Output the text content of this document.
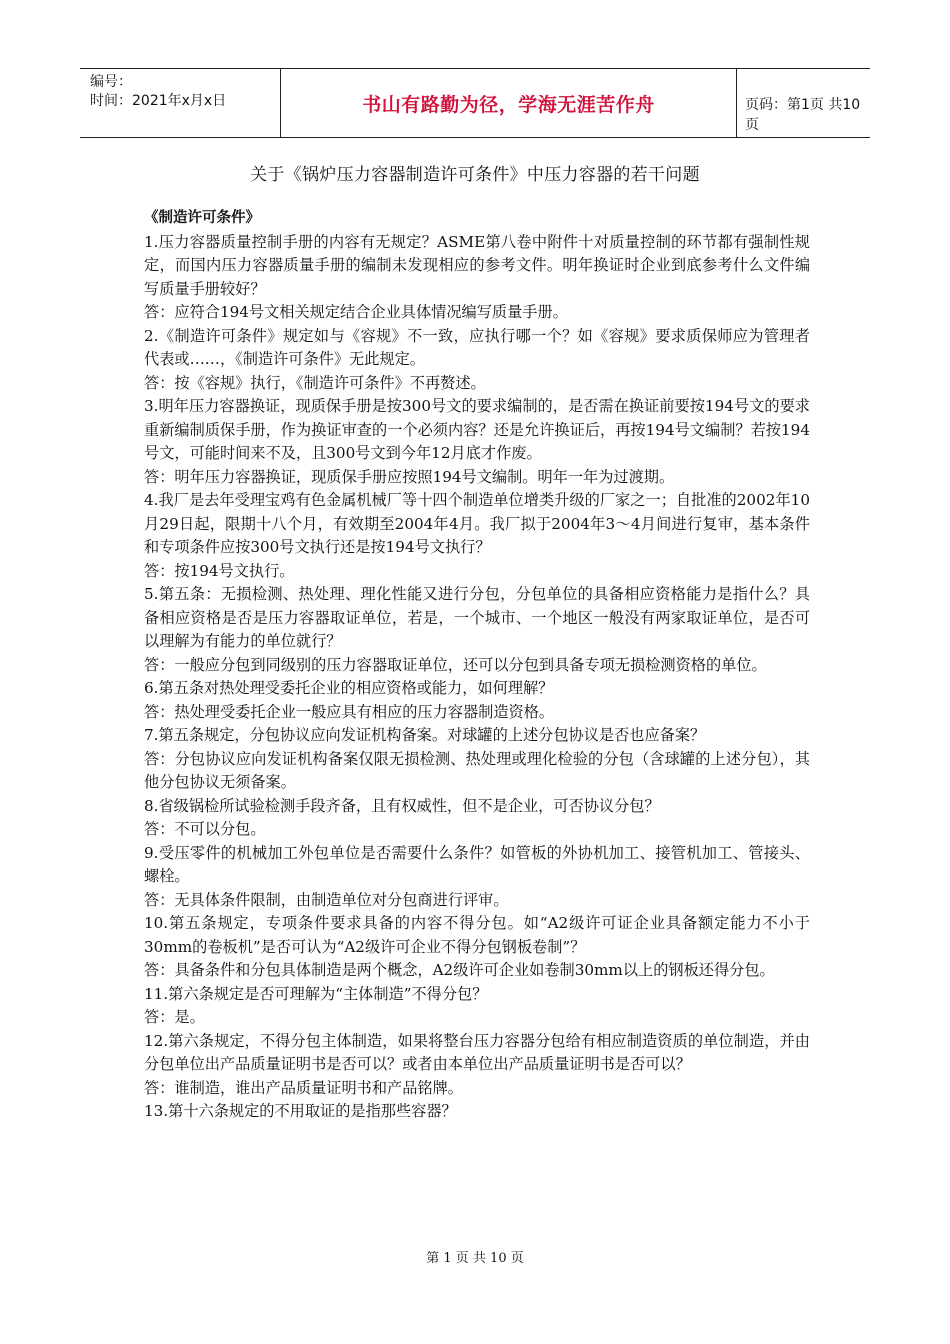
编号：
时间：2021年x月x日	书山有路勤为径，学海无涯苦作舟	页码：第1页 共10页
关于《锅炉压力容器制造许可条件》中压力容器的若干问题
《制造许可条件》

1.压力容器质量控制手册的内容有无规定？ASME第八卷中附件十对质量控制的环节都有强制性规定，而国内压力容器质量手册的编制未发现相应的参考文件。明年换证时企业到底参考什么文件编写质量手册较好？

答：应符合194号文相关规定结合企业具体情况编写质量手册。

2.《制造许可条件》规定如与《容规》不一致，应执行哪一个？如《容规》要求质保师应为管理者代表或……，《制造许可条件》无此规定。

答：按《容规》执行，《制造许可条件》不再赘述。

3.明年压力容器换证，现质保手册是按300号文的要求编制的，是否需在换证前要按194号文的要求重新编制质保手册，作为换证审查的一个必须内容？还是允许换证后，再按194号文编制？若按194号文，可能时间来不及，且300号文到今年12月底才作废。

答：明年压力容器换证，现质保手册应按照194号文编制。明年一年为过渡期。

4.我厂是去年受理宝鸡有色金属机械厂等十四个制造单位增类升级的厂家之一；自批准的2002年10月29日起，限期十八个月，有效期至2004年4月。我厂拟于2004年3～4月间进行复审，基本条件和专项条件应按300号文执行还是按194号文执行？

答：按194号文执行。

5.第五条：无损检测、热处理、理化性能又进行分包，分包单位的具备相应资格能力是指什么？具备相应资格是否是压力容器取证单位，若是，一个城市、一个地区一般没有两家取证单位，是否可以理解为有能力的单位就行？

答：一般应分包到同级别的压力容器取证单位，还可以分包到具备专项无损检测资格的单位。

6.第五条对热处理受委托企业的相应资格或能力，如何理解？

答：热处理受委托企业一般应具有相应的压力容器制造资格。

7.第五条规定，分包协议应向发证机构备案。对球罐的上述分包协议是否也应备案？

答：分包协议应向发证机构备案仅限无损检测、热处理或理化检验的分包（含球罐的上述分包），其他分包协议无须备案。

8.省级锅检所试验检测手段齐备，且有权威性，但不是企业，可否协议分包？

答：不可以分包。

9.受压零件的机械加工外包单位是否需要什么条件？如管板的外协机加工、接管机加工、管接头、螺栓。

答：无具体条件限制，由制造单位对分包商进行评审。

10.第五条规定，专项条件要求具备的内容不得分包。如“A2级许可证企业具备额定能力不小于30mm的卷板机”是否可认为“A2级许可企业不得分包钢板卷制”？

答：具备条件和分包具体制造是两个概念，A2级许可企业如卷制30mm以上的钢板还得分包。

11.第六条规定是否可理解为“主体制造”不得分包？

答：是。

12.第六条规定，不得分包主体制造，如果将整台压力容器分包给有相应制造资质的单位制造，并由分包单位出产品质量证明书是否可以？或者由本单位出产品质量证明书是否可以？

答：谁制造，谁出产品质量证明书和产品铭牌。

13.第十六条规定的不用取证的是指那些容器？

第 1 页 共 10 页
